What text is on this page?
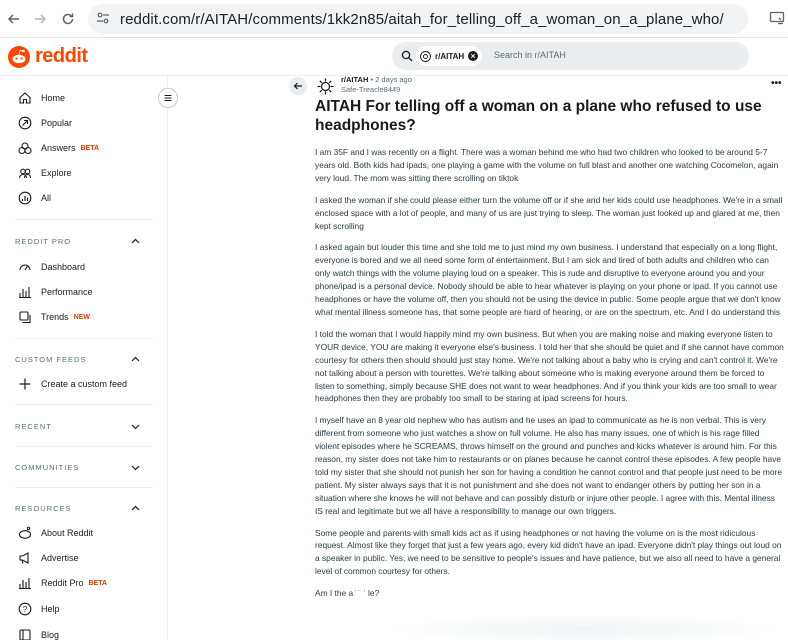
reddit.com/r/AITAH/comments/1kk2n85/aitah_for_telling_off_a_woman_on_a_plane_who/
reddit	r/AITAH	Search in r/AITAH
Home
Popular
Answers BETA
Explore
All
REDDIT PRO
Dashboard
Performance
Trends NEW
CUSTOM FEEDS
Create a custom feed
RECENT
COMMUNITIES
RESOURCES
About Reddit
Advertise
Reddit Pro BETA
? Help
Blog
r/AITAH • 2 days ago
Safe-Treacle8449
•••
AITAH For telling off a woman on a plane who refused to use headphones?

I am 35F and I was recently on a flight. There was a woman behind me who had two children who looked to be around 5-7 years old. Both kids had ipads, one playing a game with the volume on full blast and another one watching Cocomelon, again very loud. The mom was sitting there scrolling on tiktok

I asked the woman if she could please either turn the volume off or if she and her kids could use headphones. We're in a small enclosed space with a lot of people, and many of us are just trying to sleep. The woman just looked up and glared at me, then kept scrolling

I asked again but louder this time and she told me to just mind my own business. I understand that especially on a long flight, everyone is bored and we all need some form of entertainment. But I am sick and tired of both adults and children who can only watch things with the volume playing loud on a speaker. This is rude and disruptive to everyone around you and your phone/ipad is a personal device. Nobody should be able to hear whatever is playing on your phone or ipad. If you cannot use headphones or have the volume off, then you should not be using the device in public. Some people argue that we don't know what mental illness someone has, that some people are hard of hearing, or are on the spectrum, etc. And I do understand this

I told the woman that I would happily mind my own business. But when you are making noise and making everyone listen to YOUR device, YOU are making it everyone else's business. I told her that she should be quiet and if she cannot have common courtesy for others then should should just stay home. We're not talking about a baby who is crying and can't control it. We're not talking about a person with tourettes. We're talking about someone who is making everyone around them be forced to listen to something, simply because SHE does not want to wear headphones. And if you think your kids are too small to wear headphones then they are probably too small to be staring at ipad screens for hours.

I myself have an 8 year old nephew who has autism and he uses an ipad to communicate as he is non verbal. This is very different from someone who just watches a show on full volume. He also has many issues, one of which is his rage filled violent episodes where he SCREAMS, throws himself on the ground and punches and kicks whatever is around him. For this reason, my sister does not take him to restaurants or on planes because he cannot control these episodes. A few people have told my sister that she should not punish her son for having a condition he cannot control and that people just need to be more patient. My sister always says that it is not punishment and she does not want to endanger others by putting her son in a situation where she knows he will not behave and can possibly disturb or injure other people. I agree with this. Mental illness IS real and legitimate but we all have a responsibility to manage our own triggers.

Some people and parents with small kids act as if using headphones or not having the volume on is the most ridiculous request. Almost like they forget that just a few years ago, every kid didn't have an ipad. Everyone didn't play things out loud on a speaker in public. Yes, we need to be sensitive to people's issues and have patience, but we also all need to have a general level of common courtesy for others.

Am I the a ̇ ˙ ˈ le?
